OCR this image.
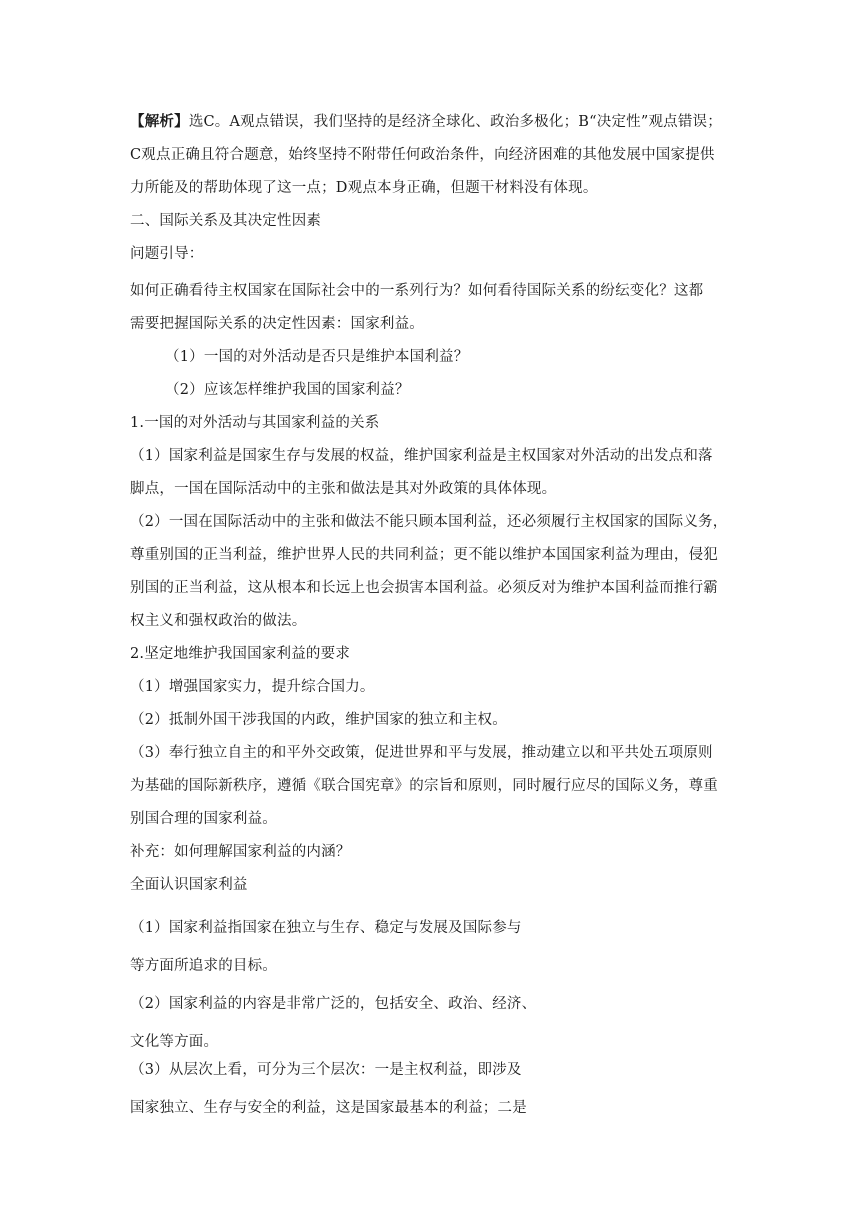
【解析】选C。A观点错误，我们坚持的是经济全球化、政治多极化；B“决定性”观点错误；
C观点正确且符合题意，始终坚持不附带任何政治条件，向经济困难的其他发展中国家提供
力所能及的帮助体现了这一点；D观点本身正确，但题干材料没有体现。
二、国际关系及其决定性因素
问题引导：
如何正确看待主权国家在国际社会中的一系列行为？如何看待国际关系的纷纭变化？这都
需要把握国际关系的决定性因素：国家利益。
（1）一国的对外活动是否只是维护本国利益？
（2）应该怎样维护我国的国家利益？
1.一国的对外活动与其国家利益的关系
（1）国家利益是国家生存与发展的权益，维护国家利益是主权国家对外活动的出发点和落
脚点，一国在国际活动中的主张和做法是其对外政策的具体体现。
（2）一国在国际活动中的主张和做法不能只顾本国利益，还必须履行主权国家的国际义务，
尊重别国的正当利益，维护世界人民的共同利益；更不能以维护本国国家利益为理由，侵犯
别国的正当利益，这从根本和长远上也会损害本国利益。必须反对为维护本国利益而推行霸
权主义和强权政治的做法。
2.坚定地维护我国国家利益的要求
（1）增强国家实力，提升综合国力。
（2）抵制外国干涉我国的内政，维护国家的独立和主权。
（3）奉行独立自主的和平外交政策，促进世界和平与发展，推动建立以和平共处五项原则
为基础的国际新秩序，遵循《联合国宪章》的宗旨和原则，同时履行应尽的国际义务，尊重
别国合理的国家利益。
补充：如何理解国家利益的内涵？
全面认识国家利益
（1）国家利益指国家在独立与生存、稳定与发展及国际参与
等方面所追求的目标。
（2）国家利益的内容是非常广泛的，包括安全、政治、经济、
文化等方面。
（3）从层次上看，可分为三个层次：一是主权利益，即涉及
国家独立、生存与安全的利益，这是国家最基本的利益；二是
